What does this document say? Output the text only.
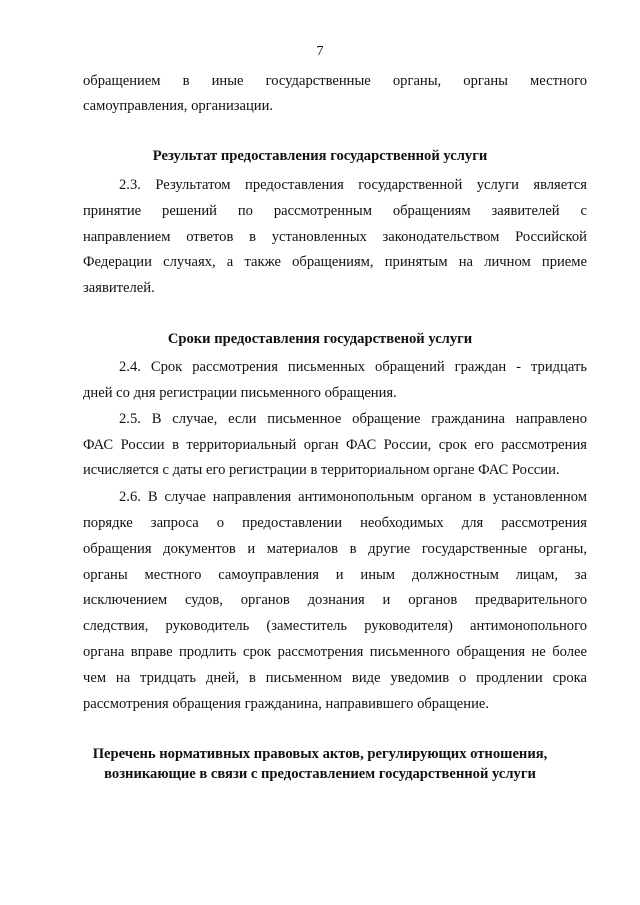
7
обращением в иные государственные органы, органы местного
самоуправления, организации.
Результат предоставления государственной услуги
2.3. Результатом предоставления государственной услуги является
принятие решений по рассмотренным обращениям заявителей с
направлением ответов в установленных законодательством Российской
Федерации случаях, а также обращениям, принятым на личном приеме
заявителей.
Сроки предоставления государственой услуги
2.4. Срок рассмотрения письменных обращений граждан - тридцать
дней со дня регистрации письменного обращения.
2.5. В случае, если письменное обращение гражданина направлено
ФАС России в территориальный орган ФАС России, срок его рассмотрения
исчисляется с даты его регистрации в территориальном органе ФАС России.
2.6. В случае направления антимонопольным органом в установленном
порядке запроса о предоставлении необходимых для рассмотрения
обращения документов и материалов в другие государственные органы,
органы местного самоуправления и иным должностным лицам, за
исключением судов, органов дознания и органов предварительного
следствия, руководитель (заместитель руководителя) антимонопольного
органа вправе продлить срок рассмотрения письменного обращения не более
чем на тридцать дней, в письменном виде уведомив о продлении срока
рассмотрения обращения гражданина, направившего обращение.
Перечень нормативных правовых актов, регулирующих отношения,
возникающие в связи с предоставлением государственной услуги
